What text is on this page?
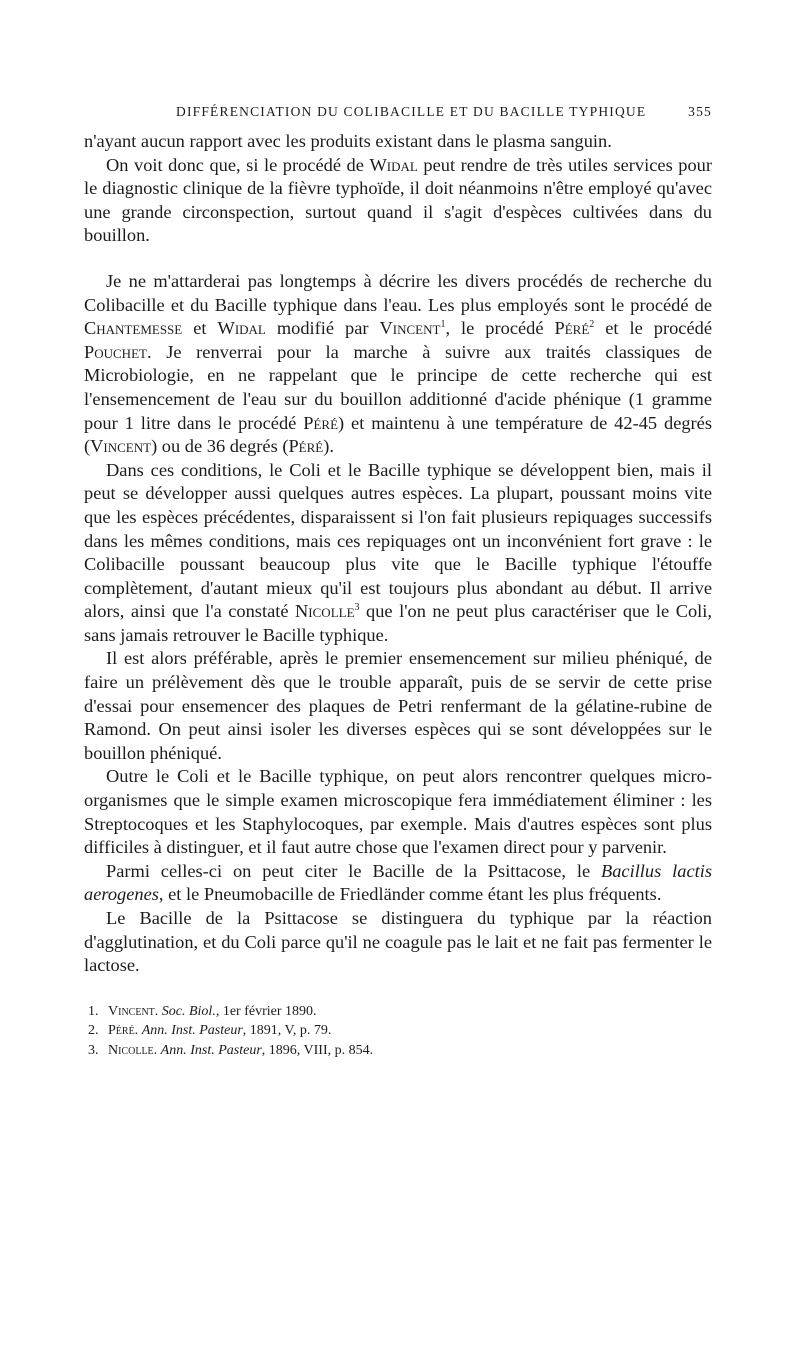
DIFFÉRENCIATION DU COLIBACILLE ET DU BACILLE TYPHIQUE	355

n'ayant aucun rapport avec les produits existant dans le plasma sanguin.

On voit donc que, si le procédé de Widal peut rendre de très utiles services pour le diagnostic clinique de la fièvre typhoïde, il doit néanmoins n'être employé qu'avec une grande circonspection, surtout quand il s'agit d'espèces cultivées dans du bouillon.

Je ne m'attarderai pas longtemps à décrire les divers procédés de recherche du Colibacille et du Bacille typhique dans l'eau. Les plus employés sont le procédé de Chantemesse et Widal modifié par Vincent$^1$, le procédé Péré$^2$ et le procédé Pouchet. Je renverrai pour la marche à suivre aux traités classiques de Microbiologie, en ne rappelant que le principe de cette recherche qui est l'ensemencement de l'eau sur du bouillon additionné d'acide phénique (1 gramme pour 1 litre dans le procédé Péré) et maintenu à une température de 42-45 degrés (Vincent) ou de 36 degrés (Péré).

Dans ces conditions, le Coli et le Bacille typhique se développent bien, mais il peut se développer aussi quelques autres espèces. La plupart, poussant moins vite que les espèces précédentes, disparaissent si l'on fait plusieurs repiquages successifs dans les mêmes conditions, mais ces repiquages ont un inconvénient fort grave : le Colibacille poussant beaucoup plus vite que le Bacille typhique l'étouffe complètement, d'autant mieux qu'il est toujours plus abondant au début. Il arrive alors, ainsi que l'a constaté Nicolle$^3$ que l'on ne peut plus caractériser que le Coli, sans jamais retrouver le Bacille typhique.

Il est alors préférable, après le premier ensemencement sur milieu phéniqué, de faire un prélèvement dès que le trouble apparaît, puis de se servir de cette prise d'essai pour ensemencer des plaques de Petri renfermant de la gélatine-rubine de Ramond. On peut ainsi isoler les diverses espèces qui se sont développées sur le bouillon phéniqué.

Outre le Coli et le Bacille typhique, on peut alors rencontrer quelques micro-organismes que le simple examen microscopique fera immédiatement éliminer : les Streptocoques et les Staphylocoques, par exemple. Mais d'autres espèces sont plus difficiles à distinguer, et il faut autre chose que l'examen direct pour y parvenir.

Parmi celles-ci on peut citer le Bacille de la Psittacose, le Bacillus lactis aerogenes, et le Pneumobacille de Friedländer comme étant les plus fréquents.

Le Bacille de la Psittacose se distinguera du typhique par la réaction d'agglutination, et du Coli parce qu'il ne coagule pas le lait et ne fait pas fermenter le lactose.

1. Vincent. Soc. Biol., 1er février 1890.
2. Péré. Ann. Inst. Pasteur, 1891, V, p. 79.
3. Nicolle. Ann. Inst. Pasteur, 1896, VIII, p. 854.
